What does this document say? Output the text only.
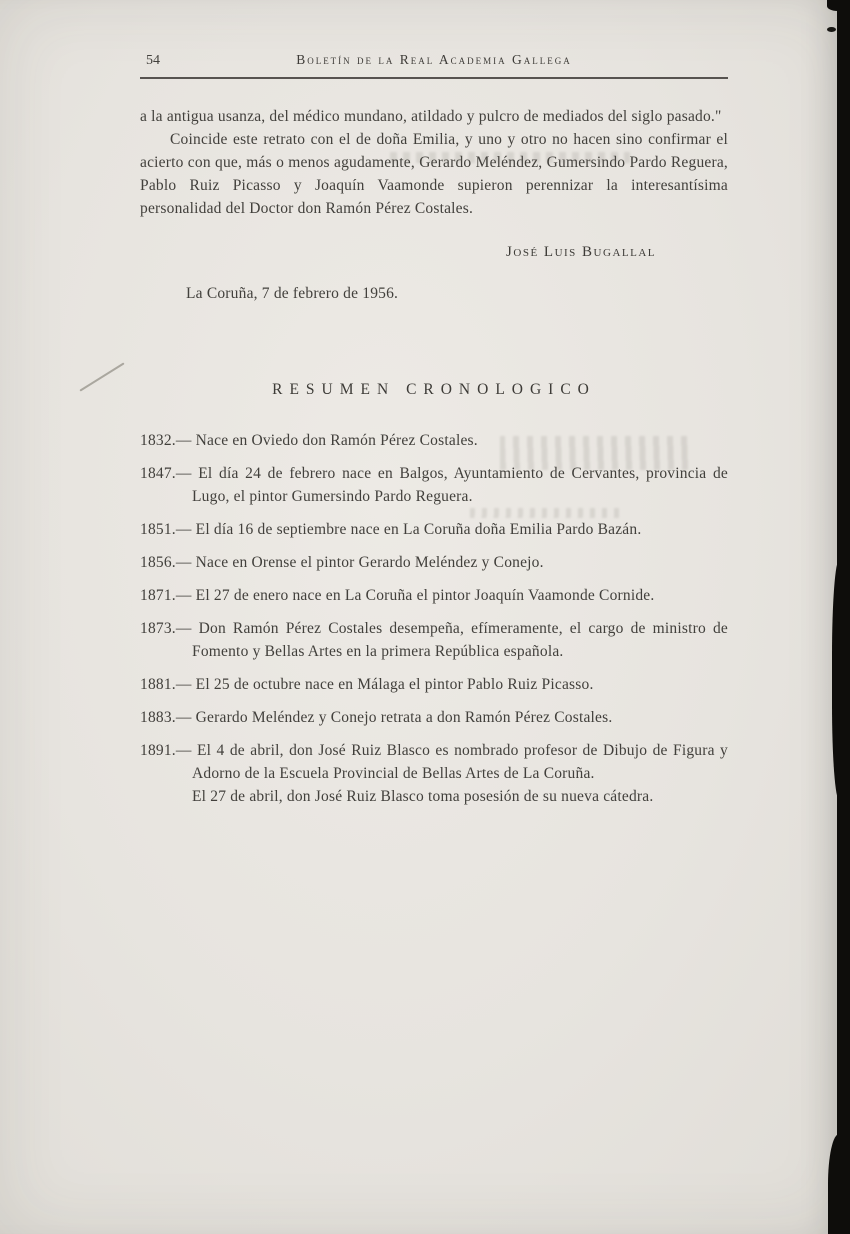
54	Boletín de la Real Academia Gallega

a la antigua usanza, del médico mundano, atildado y pulcro de mediados del siglo pasado."

Coincide este retrato con el de doña Emilia, y uno y otro no hacen sino confirmar el acierto con que, más o menos agudamente, Gerardo Meléndez, Gumersindo Pardo Reguera, Pablo Ruiz Picasso y Joaquín Vaamonde supieron perennizar la interesantísima personalidad del Doctor don Ramón Pérez Costales.

José Luis Bugallal

La Coruña, 7 de febrero de 1956.

RESUMEN CRONOLOGICO
1832.— Nace en Oviedo don Ramón Pérez Costales.
1847.— El día 24 de febrero nace en Balgos, Ayuntamiento de Cervantes, provincia de Lugo, el pintor Gumersindo Pardo Reguera.
1851.— El día 16 de septiembre nace en La Coruña doña Emilia Pardo Bazán.
1856.— Nace en Orense el pintor Gerardo Meléndez y Conejo.
1871.— El 27 de enero nace en La Coruña el pintor Joaquín Vaamonde Cornide.
1873.— Don Ramón Pérez Costales desempeña, efímeramente, el cargo de ministro de Fomento y Bellas Artes en la primera República española.
1881.— El 25 de octubre nace en Málaga el pintor Pablo Ruiz Picasso.
1883.— Gerardo Meléndez y Conejo retrata a don Ramón Pérez Costales.
1891.— El 4 de abril, don José Ruiz Blasco es nombrado profesor de Dibujo de Figura y Adorno de la Escuela Provincial de Bellas Artes de La Coruña.
El 27 de abril, don José Ruiz Blasco toma posesión de su nueva cátedra.
